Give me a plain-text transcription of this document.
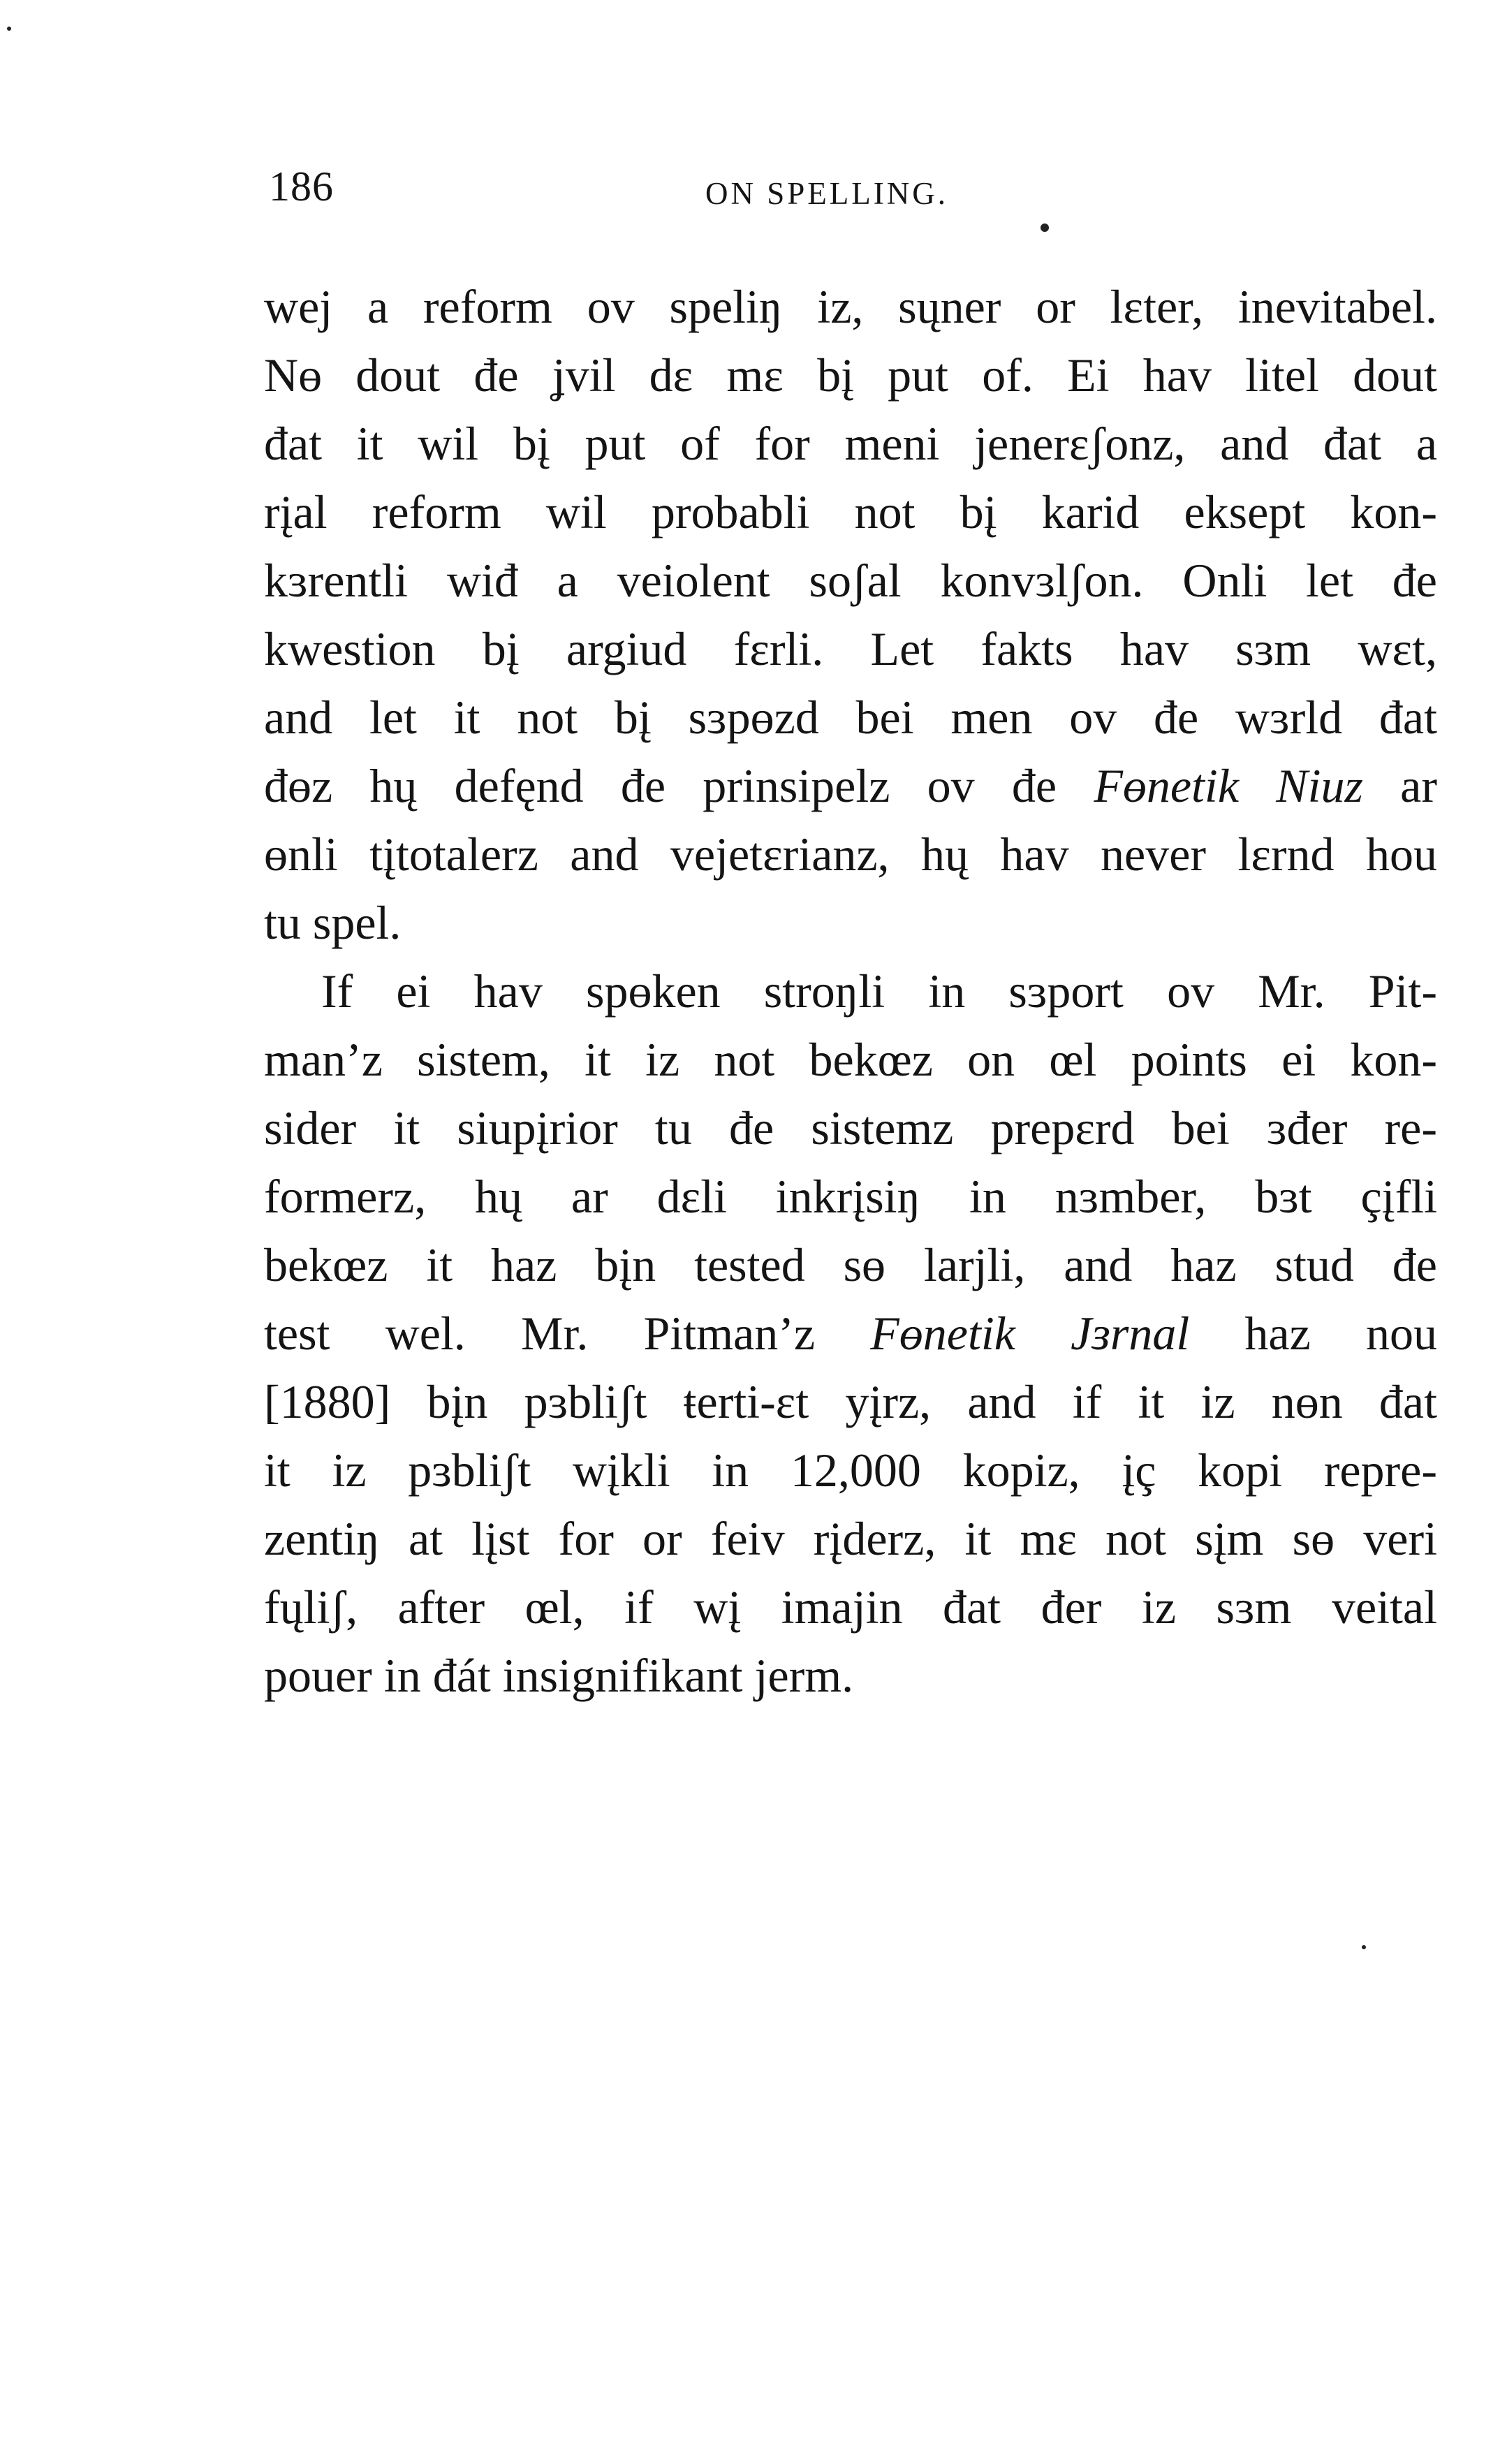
186	ON SPELLING.
wej a reform ov speliŋ iz, sųner or lɛter, inevitabel.
Nө dout đe ʝvil dɛ mɛ bį put of. Ei hav litel dout
đat it wil bį put of for meni jenerɛʃonz, and đat a
rįal reform wil probabli not bį karid eksept kon-
kɜrentli wiđ a veiolent soʃal konvɜlʃon. Onli let đe
kwestion bį argiud fɛrli. Let fakts hav sɜm wɛt,
and let it not bį sɜpөzd bei men ov đe wɜrld đat
đөz hų defęnd đe prinsipelz ov đe Fөnetik Niuz ar
өnli tįtotalerz and vejetɛrianz, hų hav never lɛrnd hou
tu spel.
If ei hav spөken stroŋli in sɜport ov Mr. Pit-
man’z sistem, it iz not bekœz on œl points ei kon-
sider it siupįrior tu đe sistemz prepɛrd bei ɜđer re-
formerz, hų ar dɛli inkrįsiŋ in nɜmber, bɜt çįfli
bekœz it haz bįn tested sө larjli, and haz stud đe
test wel. Mr. Pitman’z Fөnetik Jɜrnal haz nou
[1880] bįn pɜbliʃt ŧerti-ɛt yįrz, and if it iz nөn đat
it iz pɜbliʃt wįkli in 12,000 kopiz, įç kopi repre-
zentiŋ at lįst for or feiv rįderz, it mɛ not sįm sө veri
fųliʃ, after œl, if wį imajin đat đer iz sɜm veital
pouer in đát insignifikant jerm.
